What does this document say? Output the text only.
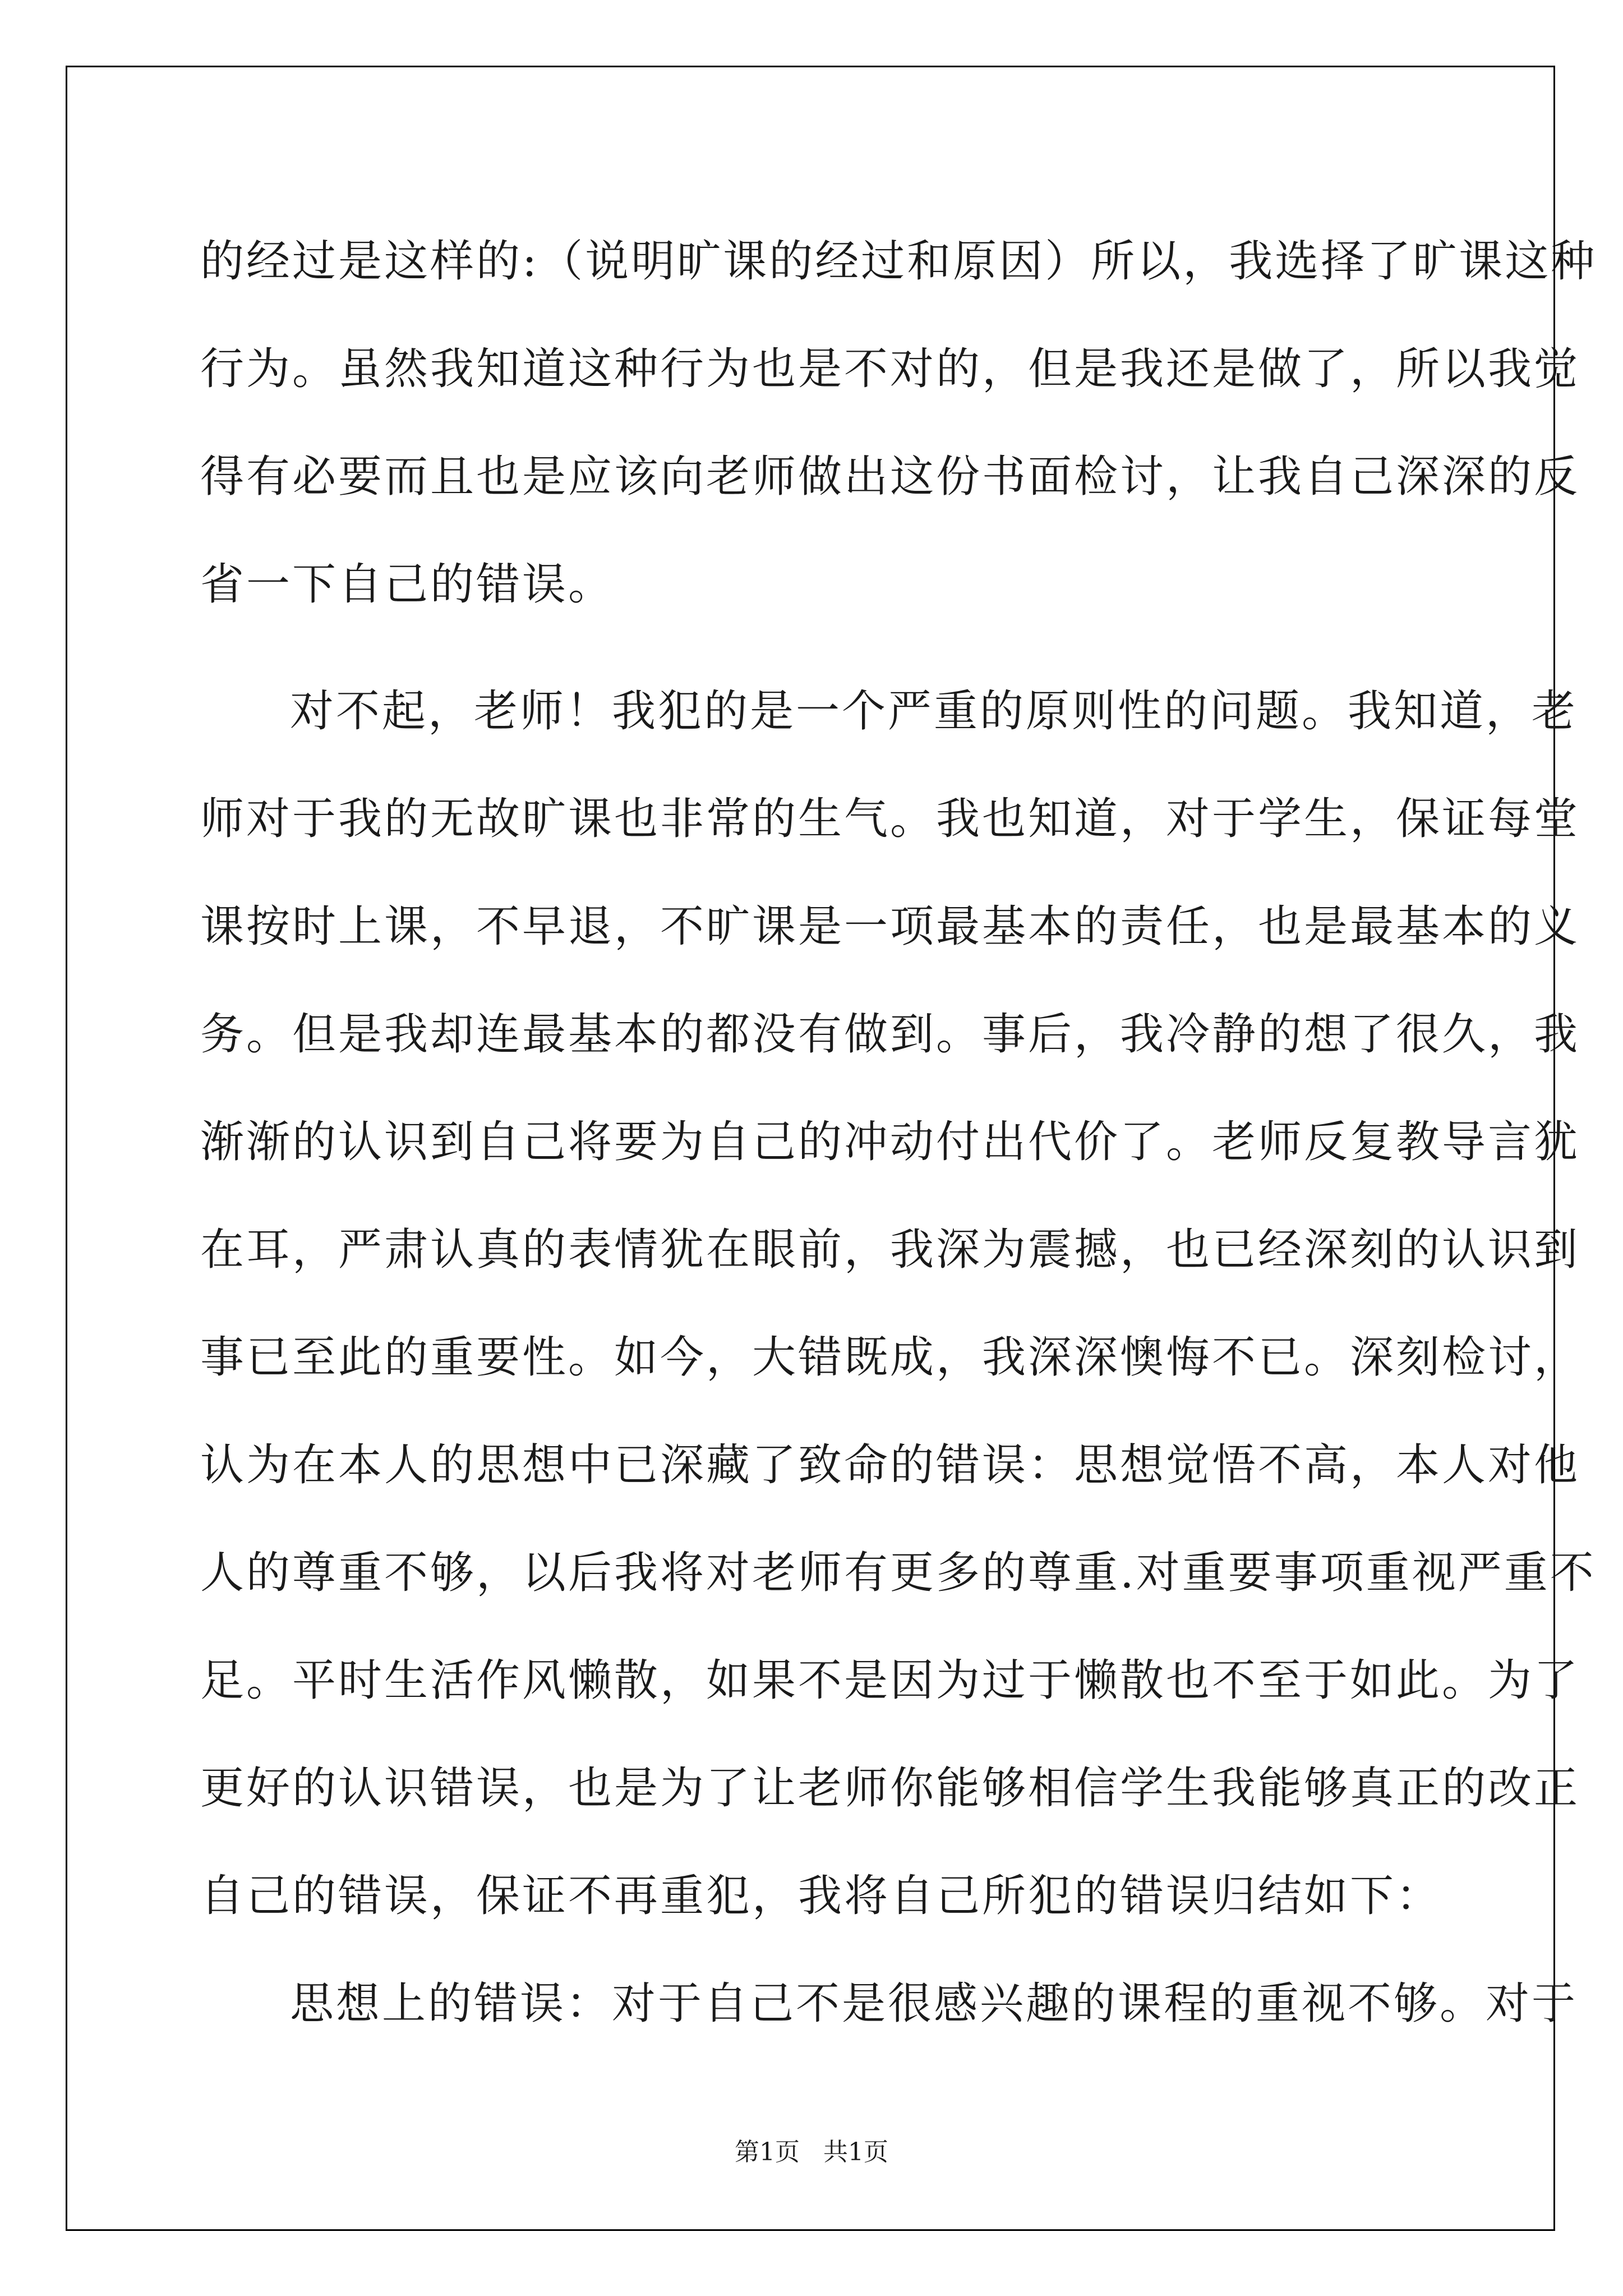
的经过是这样的:（说明旷课的经过和原因）所以，我选择了旷课这种
行为。虽然我知道这种行为也是不对的，但是我还是做了，所以我觉
得有必要而且也是应该向老师做出这份书面检讨，让我自己深深的反
省一下自己的错误。
对不起，老师！我犯的是一个严重的原则性的问题。我知道，老
师对于我的无故旷课也非常的生气。我也知道，对于学生，保证每堂
课按时上课，不早退，不旷课是一项最基本的责任，也是最基本的义
务。但是我却连最基本的都没有做到。事后，我冷静的想了很久，我
渐渐的认识到自己将要为自己的冲动付出代价了。老师反复教导言犹
在耳，严肃认真的表情犹在眼前，我深为震撼，也已经深刻的认识到
事已至此的重要性。如今，大错既成，我深深懊悔不已。深刻检讨，
认为在本人的思想中已深藏了致命的错误：思想觉悟不高，本人对他
人的尊重不够，以后我将对老师有更多的尊重.对重要事项重视严重不
足。平时生活作风懒散，如果不是因为过于懒散也不至于如此。为了
更好的认识错误，也是为了让老师你能够相信学生我能够真正的改正
自己的错误，保证不再重犯，我将自己所犯的错误归结如下：
思想上的错误：对于自己不是很感兴趣的课程的重视不够。对于
第1页 共1页
